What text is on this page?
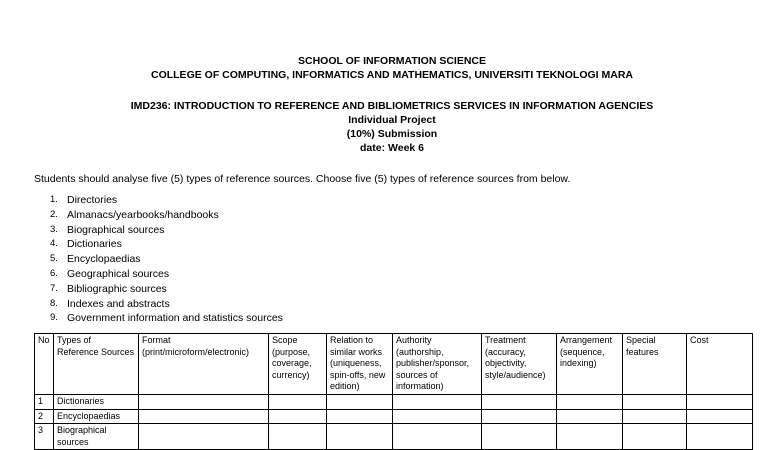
SCHOOL OF INFORMATION SCIENCE
COLLEGE OF COMPUTING, INFORMATICS AND MATHEMATICS, UNIVERSITI TEKNOLOGI MARA
IMD236: INTRODUCTION TO REFERENCE AND BIBLIOMETRICS SERVICES IN INFORMATION AGENCIES
Individual Project
(10%) Submission
date: Week 6
Students should analyse five (5) types of reference sources. Choose five (5) types of reference sources from below.
1. Directories
2. Almanacs/yearbooks/handbooks
3. Biographical sources
4. Dictionaries
5. Encyclopaedias
6. Geographical sources
7. Bibliographic sources
8. Indexes and abstracts
9. Government information and statistics sources
No	Types of Reference Sources	Format (print/microform/electronic)	Scope (purpose, coverage, currency)	Relation to similar works (uniqueness, spin-offs, new edition)	Authority (authorship, publisher/sponsor, sources of information)	Treatment (accuracy, objectivity, style/audience)	Arrangement (sequence, indexing)	Special features	Cost
1	Dictionaries								
2	Encyclopaedias								
3	Biographical sources								
